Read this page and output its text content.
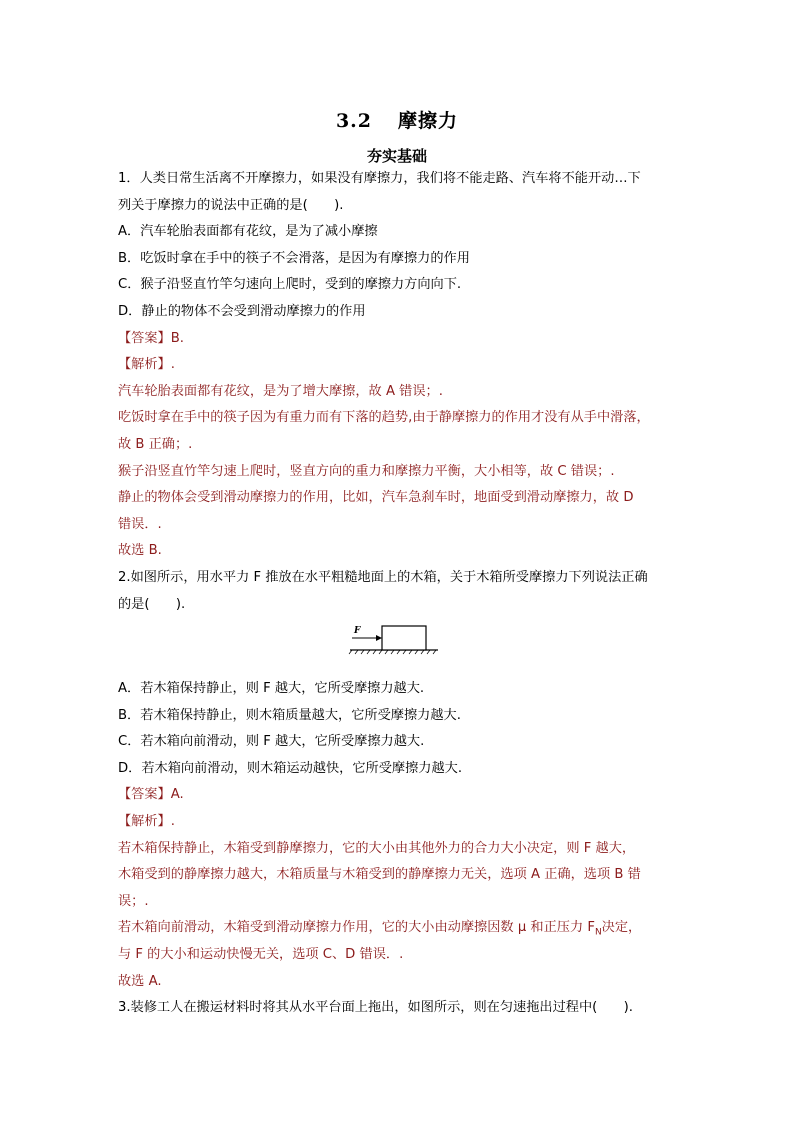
3.2 摩擦力
夯实基础
1．人类日常生活离不开摩擦力，如果没有摩擦力，我们将不能走路、汽车将不能开动…下
列关于摩擦力的说法中正确的是(　　).
A．汽车轮胎表面都有花纹，是为了减小摩擦
B．吃饭时拿在手中的筷子不会滑落，是因为有摩擦力的作用
C．猴子沿竖直竹竿匀速向上爬时，受到的摩擦力方向向下.
D．静止的物体不会受到滑动摩擦力的作用
【答案】B.
【解析】.
汽车轮胎表面都有花纹，是为了增大摩擦，故 A 错误；.
吃饭时拿在手中的筷子因为有重力而有下落的趋势,由于静摩擦力的作用才没有从手中滑落，
故 B 正确；.
猴子沿竖直竹竿匀速上爬时，竖直方向的重力和摩擦力平衡，大小相等，故 C 错误；.
静止的物体会受到滑动摩擦力的作用，比如，汽车急刹车时，地面受到滑动摩擦力，故 D
错误．.
故选 B.
2.如图所示，用水平力 F 推放在水平粗糙地面上的木箱，关于木箱所受摩擦力下列说法正确
的是(　　).
F
A．若木箱保持静止，则 F 越大，它所受摩擦力越大.
B．若木箱保持静止，则木箱质量越大，它所受摩擦力越大.
C．若木箱向前滑动，则 F 越大，它所受摩擦力越大.
D．若木箱向前滑动，则木箱运动越快，它所受摩擦力越大.
【答案】A.
【解析】.
若木箱保持静止，木箱受到静摩擦力，它的大小由其他外力的合力大小决定，则 F 越大，
木箱受到的静摩擦力越大，木箱质量与木箱受到的静摩擦力无关，选项 A 正确，选项 B 错
误；.
若木箱向前滑动，木箱受到滑动摩擦力作用，它的大小由动摩擦因数 μ 和正压力 $F_N$决定，
与 F 的大小和运动快慢无关，选项 C、D 错误．.
故选 A.
3.装修工人在搬运材料时将其从水平台面上拖出，如图所示，则在匀速拖出过程中(　　).
